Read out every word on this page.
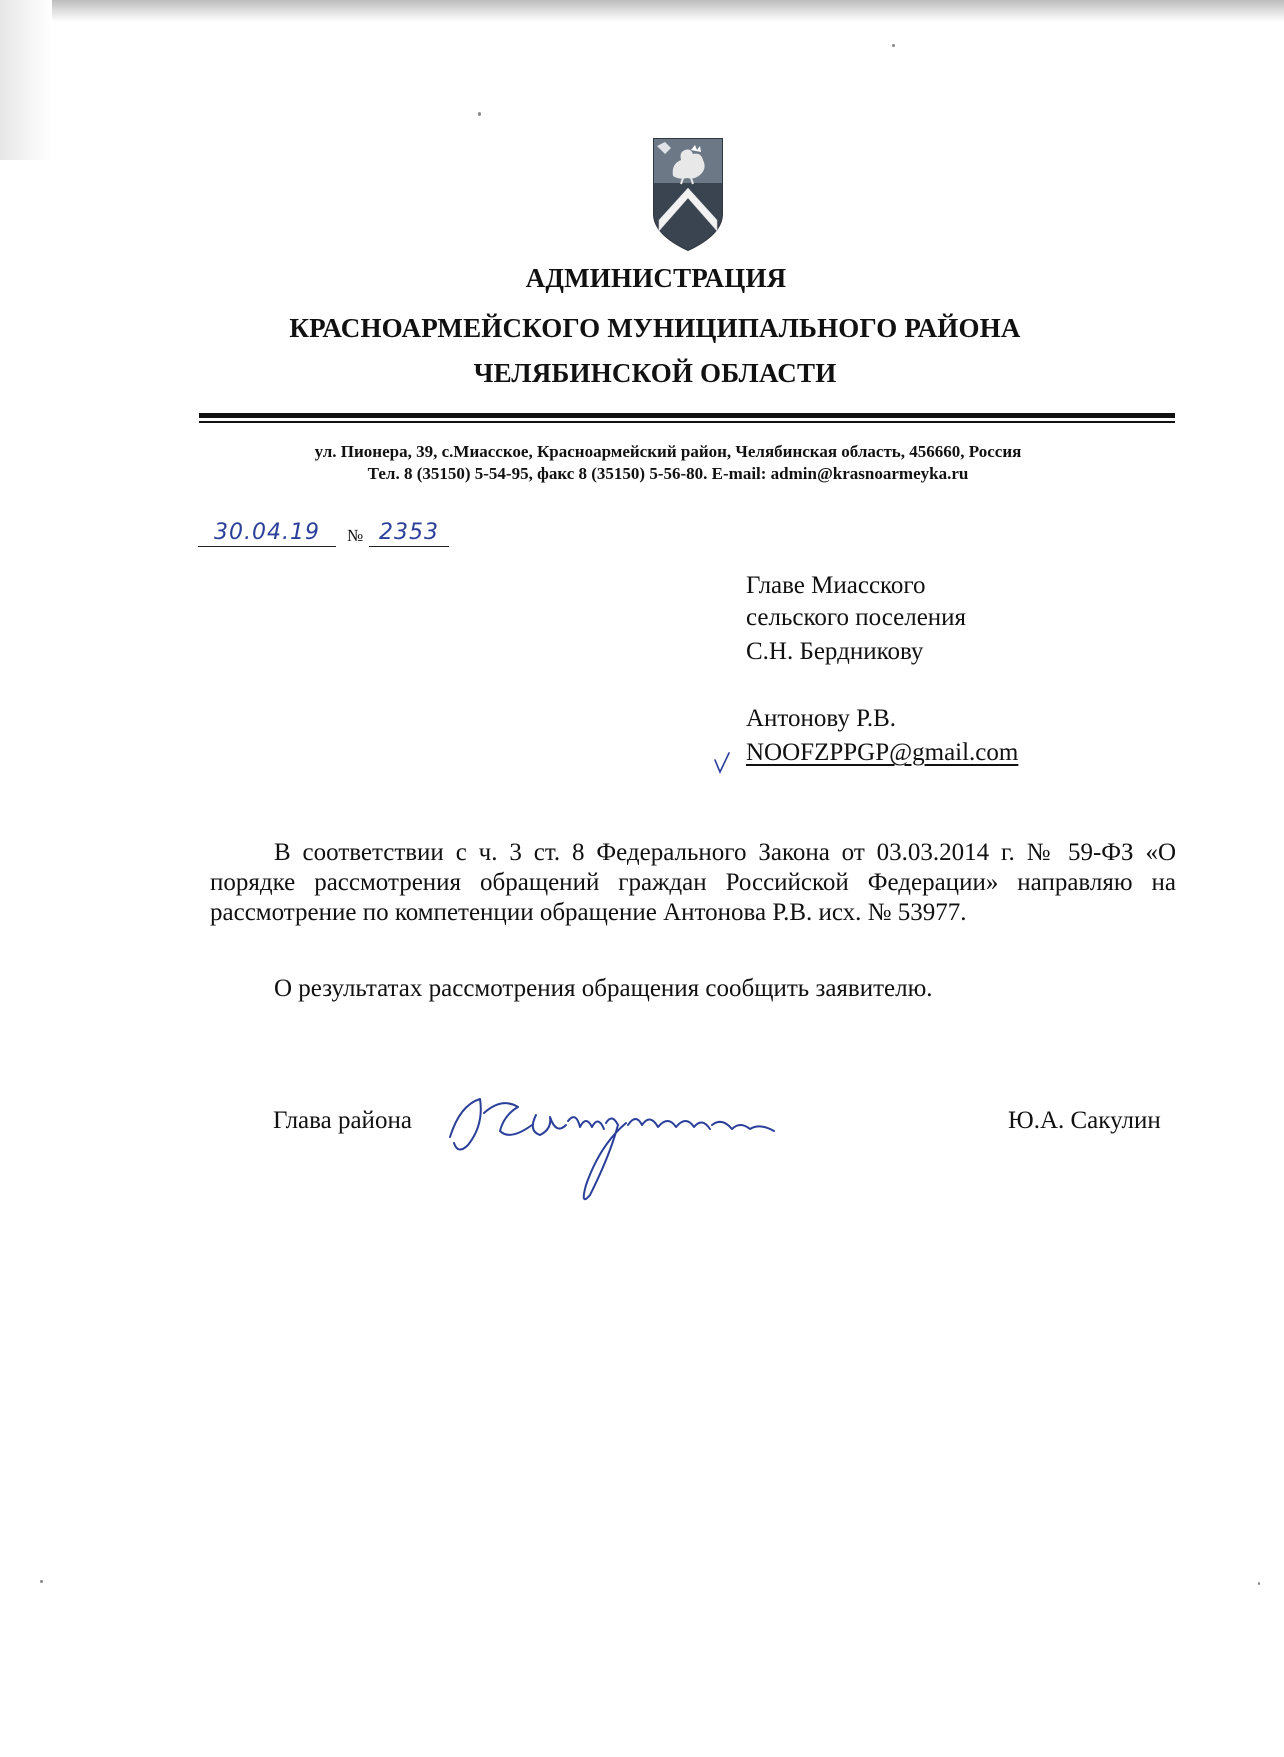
АДМИНИСТРАЦИЯ
КРАСНОАРМЕЙСКОГО МУНИЦИПАЛЬНОГО РАЙОНА
ЧЕЛЯБИНСКОЙ ОБЛАСТИ
ул. Пионера, 39, с.Миасское, Красноармейский район, Челябинская область, 456660, Россия
Тел. 8 (35150) 5-54-95, факс 8 (35150) 5-56-80. E-mail: admin@krasnoarmeyka.ru
30.04.19	№ 2353
Главе Миасского
сельского поселения
С.Н. Бердникову
Антонову Р.В.
NOOFZPPGP@gmail.com
В соответствии с ч. 3 ст. 8 Федерального Закона от 03.03.2014 г. № 59-ФЗ «О порядке рассмотрения обращений граждан Российской Федерации» направляю на рассмотрение по компетенции обращение Антонова Р.В. исх. № 53977.
О результатах рассмотрения обращения сообщить заявителю.
Глава района	Ю.А. Сакулин
